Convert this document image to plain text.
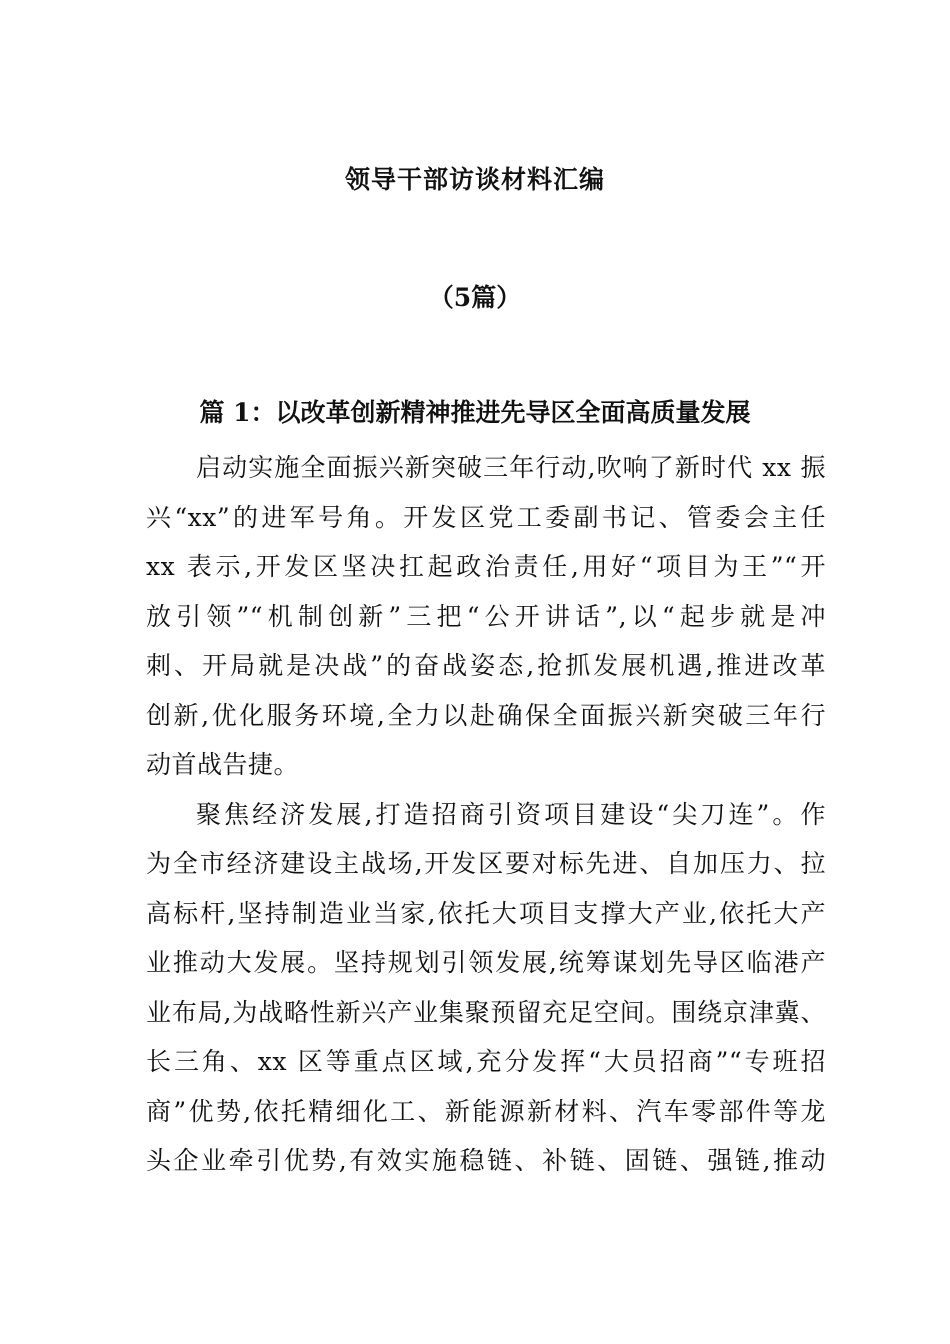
领导干部访谈材料汇编
（5篇）
篇 1：以改革创新精神推进先导区全面高质量发展
启动实施全面振兴新突破三年行动,吹响了新时代 xx 振
兴“xx”的进军号角。开发区党工委副书记、管委会主任
xx 表示,开发区坚决扛起政治责任,用好“项目为王”“开
放引领”“机制创新”三把“公开讲话”,以“起步就是冲
刺、开局就是决战”的奋战姿态,抢抓发展机遇,推进改革
创新,优化服务环境,全力以赴确保全面振兴新突破三年行
动首战告捷。
聚焦经济发展,打造招商引资项目建设“尖刀连”。作
为全市经济建设主战场,开发区要对标先进、自加压力、拉
高标杆,坚持制造业当家,依托大项目支撑大产业,依托大产
业推动大发展。坚持规划引领发展,统筹谋划先导区临港产
业布局,为战略性新兴产业集聚预留充足空间。围绕京津冀、
长三角、xx 区等重点区域,充分发挥“大员招商”“专班招
商”优势,依托精细化工、新能源新材料、汽车零部件等龙
头企业牵引优势,有效实施稳链、补链、固链、强链,推动
